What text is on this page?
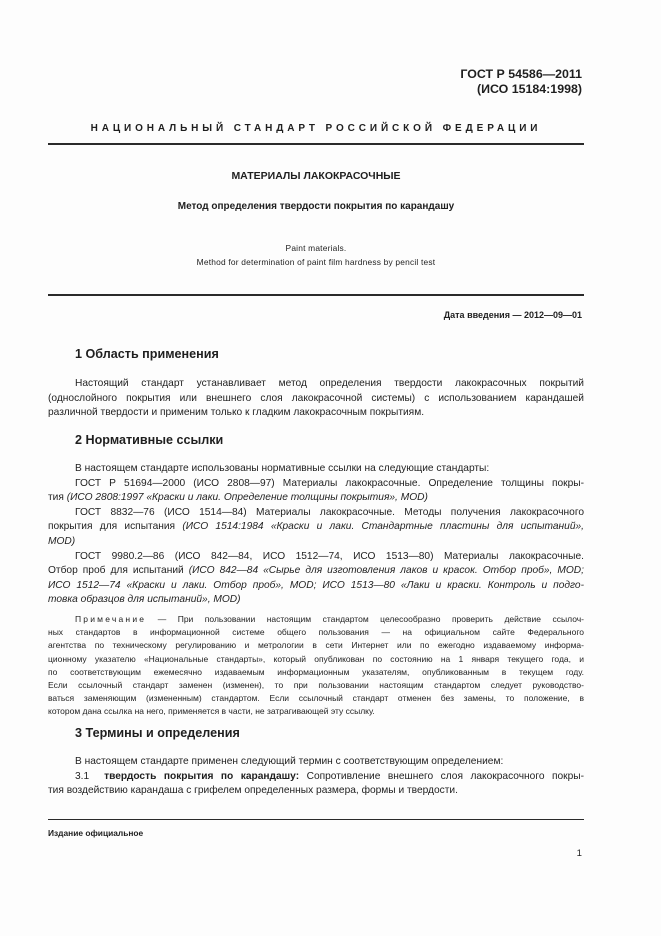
ГОСТ Р 54586—2011
(ИСО 15184:1998)
НАЦИОНАЛЬНЫЙ СТАНДАРТ РОССИЙСКОЙ ФЕДЕРАЦИИ
МАТЕРИАЛЫ ЛАКОКРАСОЧНЫЕ
Метод определения твердости покрытия по карандашу
Paint materials.
Method for determination of paint film hardness by pencil test
Дата введения — 2012—09—01
1 Область применения
Настоящий стандарт устанавливает метод определения твердости лакокрасочных покрытий
(однослойного покрытия или внешнего слоя лакокрасочной системы) с использованием карандашей
различной твердости и применим только к гладким лакокрасочным покрытиям.
2 Нормативные ссылки
В настоящем стандарте использованы нормативные ссылки на следующие стандарты:
ГОСТ Р 51694—2000 (ИСО 2808—97) Материалы лакокрасочные. Определение толщины покры-
тия (ИСО 2808:1997 «Краски и лаки. Определение толщины покрытия», MOD)
ГОСТ 8832—76 (ИСО 1514—84) Материалы лакокрасочные. Методы получения лакокрасочного
покрытия для испытания (ИСО 1514:1984 «Краски и лаки. Стандартные пластины для испытаний»,
MOD)
ГОСТ 9980.2—86 (ИСО 842—84, ИСО 1512—74, ИСО 1513—80) Материалы лакокрасочные.
Отбор проб для испытаний (ИСО 842—84 «Сырье для изготовления лаков и красок. Отбор проб», MOD;
ИСО 1512—74 «Краски и лаки. Отбор проб», MOD; ИСО 1513—80 «Лаки и краски. Контроль и подго-
товка образцов для испытаний», MOD)
Примечание — При пользовании настоящим стандартом целесообразно проверить действие ссылоч-
ных стандартов в информационной системе общего пользования — на официальном сайте Федерального
агентства по техническому регулированию и метрологии в сети Интернет или по ежегодно издаваемому информа-
ционному указателю «Национальные стандарты», который опубликован по состоянию на 1 января текущего года, и
по соответствующим ежемесячно издаваемым информационным указателям, опубликованным в текущем году.
Если ссылочный стандарт заменен (изменен), то при пользовании настоящим стандартом следует руководство-
ваться заменяющим (измененным) стандартом. Если ссылочный стандарт отменен без замены, то положение, в
котором дана ссылка на него, применяется в части, не затрагивающей эту ссылку.
3 Термины и определения
В настоящем стандарте применен следующий термин с соответствующим определением:
3.1 твердость покрытия по карандашу: Сопротивление внешнего слоя лакокрасочного покры-
тия воздействию карандаша с грифелем определенных размера, формы и твердости.
Издание официальное
1
